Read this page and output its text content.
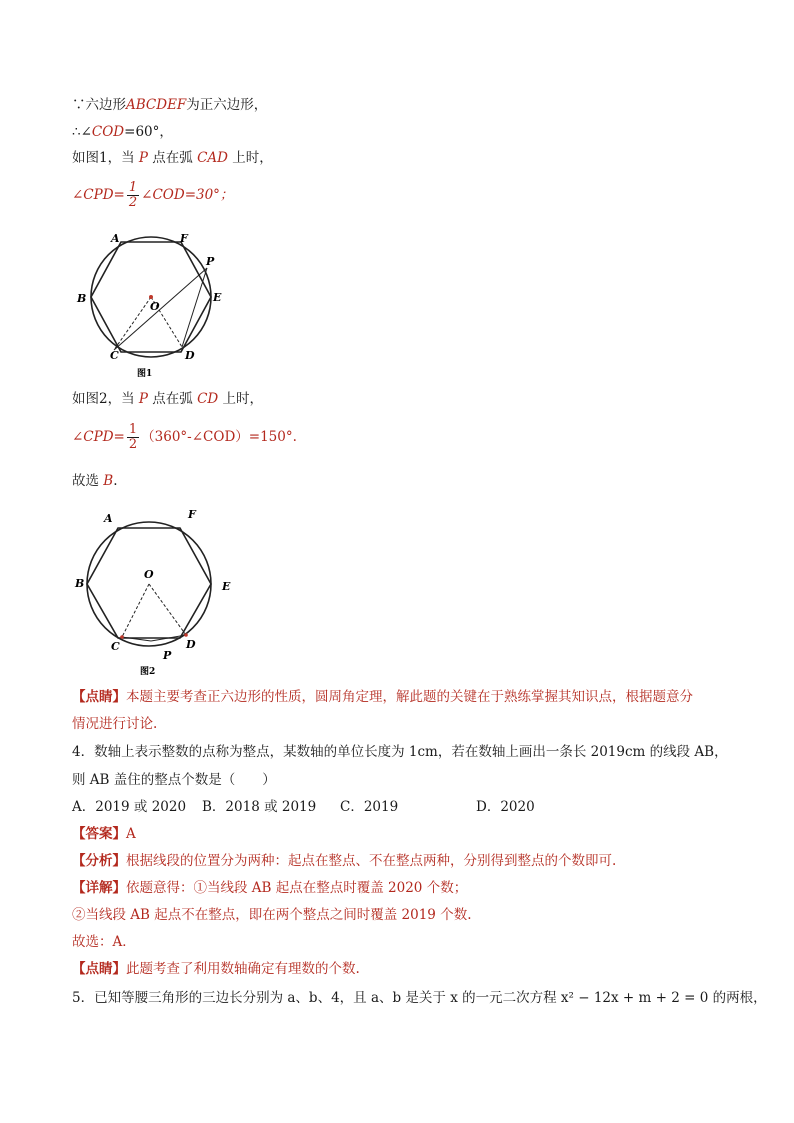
∵六边形ABCDEF为正六边形，
∴∠COD=60°，
如图1，当 P 点在弧 CAD 上时，
∠CPD= $\frac{1}{2}$ ∠COD=30°；
A	F
B	E
P
O
C	D
图1
如图2，当 P 点在弧 CD 上时，
∠CPD= $\frac{1}{2}$ （360°-∠COD）=150°.
故选 B.
A	F
B	E
O
C	D
P
图2
【点睛】本题主要考查正六边形的性质，圆周角定理，解此题的关键在于熟练掌握其知识点，根据题意分
情况进行讨论.
4．数轴上表示整数的点称为整点，某数轴的单位长度为 1cm，若在数轴上画出一条长 2019cm 的线段 AB，
则 AB 盖住的整点个数是（　　）
A．2019 或 2020 B．2018 或 2019 C．2019	D．2020
【答案】A
【分析】根据线段的位置分为两种：起点在整点、不在整点两种，分别得到整点的个数即可.
【详解】依题意得：①当线段 AB 起点在整点时覆盖 2020 个数；
②当线段 AB 起点不在整点，即在两个整点之间时覆盖 2019 个数.
故选：A．
【点睛】此题考查了利用数轴确定有理数的个数.
5．已知等腰三角形的三边长分别为 a、b、4，且 a、b 是关于 x 的一元二次方程 x² − 12x + m + 2 = 0 的两根，
